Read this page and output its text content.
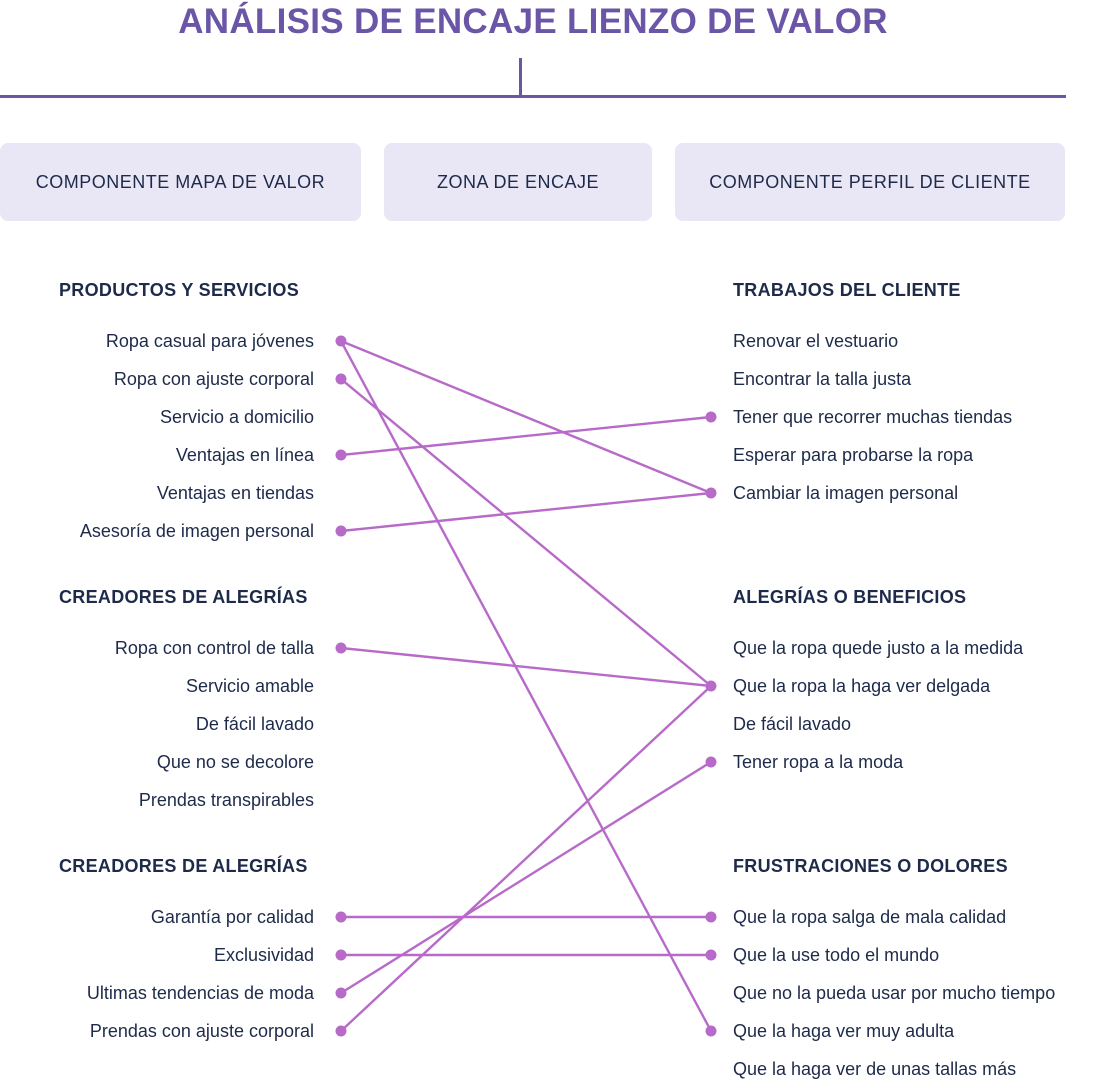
ANÁLISIS DE ENCAJE LIENZO DE VALOR
COMPONENTE MAPA DE VALOR	ZONA DE ENCAJE	COMPONENTE PERFIL DE CLIENTE
PRODUCTOS Y SERVICIOS
Ropa casual para jóvenes
Ropa con ajuste corporal
Servicio a domicilio
Ventajas en línea
Ventajas en tiendas
Asesoría de imagen personal
CREADORES DE ALEGRÍAS
Ropa con control de talla
Servicio amable
De fácil lavado
Que no se decolore
Prendas transpirables
CREADORES DE ALEGRÍAS
Garantía por calidad
Exclusividad
Ultimas tendencias de moda
Prendas con ajuste corporal
TRABAJOS DEL CLIENTE
Renovar el vestuario
Encontrar la talla justa
Tener que recorrer muchas tiendas
Esperar para probarse la ropa
Cambiar la imagen personal
ALEGRÍAS O BENEFICIOS
Que la ropa quede justo a la medida
Que la ropa la haga ver delgada
De fácil lavado
Tener ropa a la moda
FRUSTRACIONES O DOLORES
Que la ropa salga de mala calidad
Que la use todo el mundo
Que no la pueda usar por mucho tiempo
Que la haga ver muy adulta
Que la haga ver de unas tallas más
